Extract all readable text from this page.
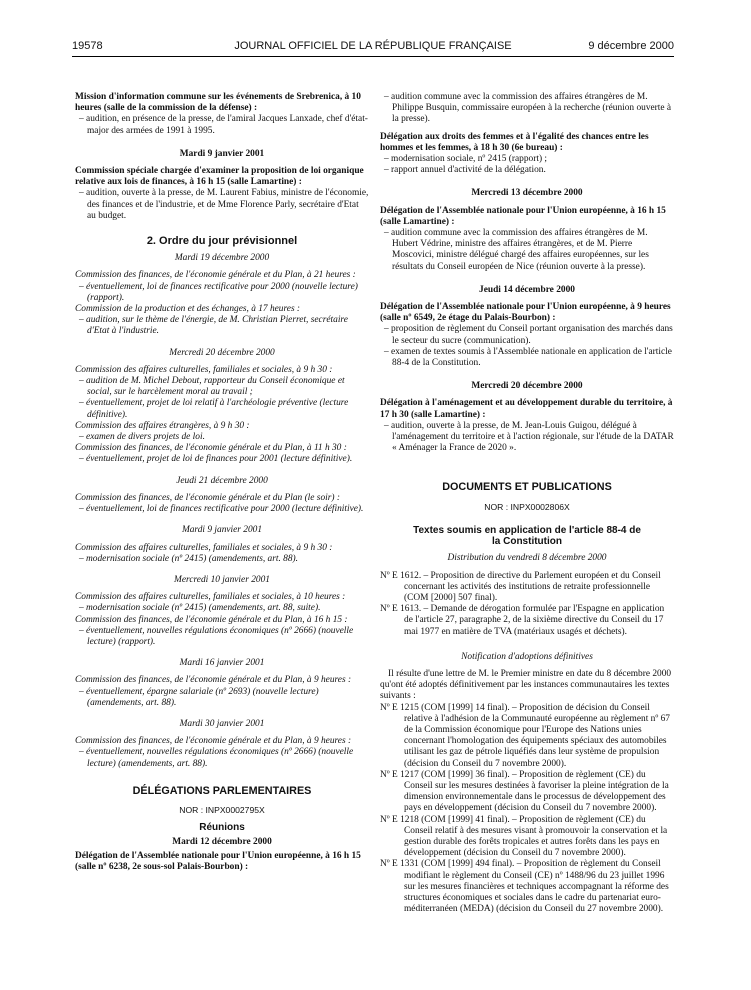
19578	JOURNAL OFFICIEL DE LA RÉPUBLIQUE FRANÇAISE	9 décembre 2000

Mission d'information commune sur les événements de Srebrenica, à 10 heures (salle de la commission de la défense) :

– audition, en présence de la presse, de l'amiral Jacques Lanxade, chef d'état-major des armées de 1991 à 1995.

Mardi 9 janvier 2001

Commission spéciale chargée d'examiner la proposition de loi organique relative aux lois de finances, à 16 h 15 (salle Lamartine) :

– audition, ouverte à la presse, de M. Laurent Fabius, ministre de l'économie, des finances et de l'industrie, et de Mme Florence Parly, secrétaire d'Etat au budget.

2. Ordre du jour prévisionnel

Mardi 19 décembre 2000

Commission des finances, de l'économie générale et du Plan, à 21 heures :

– éventuellement, loi de finances rectificative pour 2000 (nouvelle lecture) (rapport).

Commission de la production et des échanges, à 17 heures :

– audition, sur le thème de l'énergie, de M. Christian Pierret, secrétaire d'Etat à l'industrie.

Mercredi 20 décembre 2000

Commission des affaires culturelles, familiales et sociales, à 9 h 30 :

– audition de M. Michel Debout, rapporteur du Conseil économique et social, sur le harcèlement moral au travail ;

– éventuellement, projet de loi relatif à l'archéologie préventive (lecture définitive).

Commission des affaires étrangères, à 9 h 30 :

– examen de divers projets de loi.

Commission des finances, de l'économie générale et du Plan, à 11 h 30 :

– éventuellement, projet de loi de finances pour 2001 (lecture définitive).

Jeudi 21 décembre 2000

Commission des finances, de l'économie générale et du Plan (le soir) :

– éventuellement, loi de finances rectificative pour 2000 (lecture définitive).

Mardi 9 janvier 2001

Commission des affaires culturelles, familiales et sociales, à 9 h 30 :

– modernisation sociale (nº 2415) (amendements, art. 88).

Mercredi 10 janvier 2001

Commission des affaires culturelles, familiales et sociales, à 10 heures :

– modernisation sociale (nº 2415) (amendements, art. 88, suite).

Commission des finances, de l'économie générale et du Plan, à 16 h 15 :

– éventuellement, nouvelles régulations économiques (nº 2666) (nouvelle lecture) (rapport).

Mardi 16 janvier 2001

Commission des finances, de l'économie générale et du Plan, à 9 heures :

– éventuellement, épargne salariale (nº 2693) (nouvelle lecture) (amendements, art. 88).

Mardi 30 janvier 2001

Commission des finances, de l'économie générale et du Plan, à 9 heures :

– éventuellement, nouvelles régulations économiques (nº 2666) (nouvelle lecture) (amendements, art. 88).

DÉLÉGATIONS PARLEMENTAIRES

NOR : INPX0002795X

Réunions

Mardi 12 décembre 2000

Délégation de l'Assemblée nationale pour l'Union européenne, à 16 h 15 (salle nº 6238, 2e sous-sol Palais-Bourbon) :

– audition commune avec la commission des affaires étrangères de M. Philippe Busquin, commissaire européen à la recherche (réunion ouverte à la presse).

Délégation aux droits des femmes et à l'égalité des chances entre les hommes et les femmes, à 18 h 30 (6e bureau) :

– modernisation sociale, nº 2415 (rapport) ;

– rapport annuel d'activité de la délégation.

Mercredi 13 décembre 2000

Délégation de l'Assemblée nationale pour l'Union européenne, à 16 h 15 (salle Lamartine) :

– audition commune avec la commission des affaires étrangères de M. Hubert Védrine, ministre des affaires étrangères, et de M. Pierre Moscovici, ministre délégué chargé des affaires européennes, sur les résultats du Conseil européen de Nice (réunion ouverte à la presse).

Jeudi 14 décembre 2000

Délégation de l'Assemblée nationale pour l'Union européenne, à 9 heures (salle nº 6549, 2e étage du Palais-Bourbon) :

– proposition de règlement du Conseil portant organisation des marchés dans le secteur du sucre (communication).

– examen de textes soumis à l'Assemblée nationale en application de l'article 88-4 de la Constitution.

Mercredi 20 décembre 2000

Délégation à l'aménagement et au développement durable du territoire, à 17 h 30 (salle Lamartine) :

– audition, ouverte à la presse, de M. Jean-Louis Guigou, délégué à l'aménagement du territoire et à l'action régionale, sur l'étude de la DATAR « Aménager la France de 2020 ».

DOCUMENTS ET PUBLICATIONS

NOR : INPX0002806X

Textes soumis en application de l'article 88-4 de la Constitution

Distribution du vendredi 8 décembre 2000

Nº E 1612. – Proposition de directive du Parlement européen et du Conseil concernant les activités des institutions de retraite professionnelle (COM [2000] 507 final).

Nº E 1613. – Demande de dérogation formulée par l'Espagne en application de l'article 27, paragraphe 2, de la sixième directive du Conseil du 17 mai 1977 en matière de TVA (matériaux usagés et déchets).

Notification d'adoptions définitives

Il résulte d'une lettre de M. le Premier ministre en date du 8 décembre 2000 qu'ont été adoptés définitivement par les instances communautaires les textes suivants :

Nº E 1215 (COM [1999] 14 final). – Proposition de décision du Conseil relative à l'adhésion de la Communauté européenne au règlement nº 67 de la Commission économique pour l'Europe des Nations unies concernant l'homologation des équipements spéciaux des automobiles utilisant les gaz de pétrole liquéfiés dans leur système de propulsion (décision du Conseil du 7 novembre 2000).

Nº E 1217 (COM [1999] 36 final). – Proposition de règlement (CE) du Conseil sur les mesures destinées à favoriser la pleine intégration de la dimension environnementale dans le processus de développement des pays en développement (décision du Conseil du 7 novembre 2000).

Nº E 1218 (COM [1999] 41 final). – Proposition de règlement (CE) du Conseil relatif à des mesures visant à promouvoir la conservation et la gestion durable des forêts tropicales et autres forêts dans les pays en développement (décision du Conseil du 7 novembre 2000).

Nº E 1331 (COM [1999] 494 final). – Proposition de règlement du Conseil modifiant le règlement du Conseil (CE) nº 1488/96 du 23 juillet 1996 sur les mesures financières et techniques accompagnant la réforme des structures économiques et sociales dans le cadre du partenariat euro-méditerranéen (MEDA) (décision du Conseil du 27 novembre 2000).
